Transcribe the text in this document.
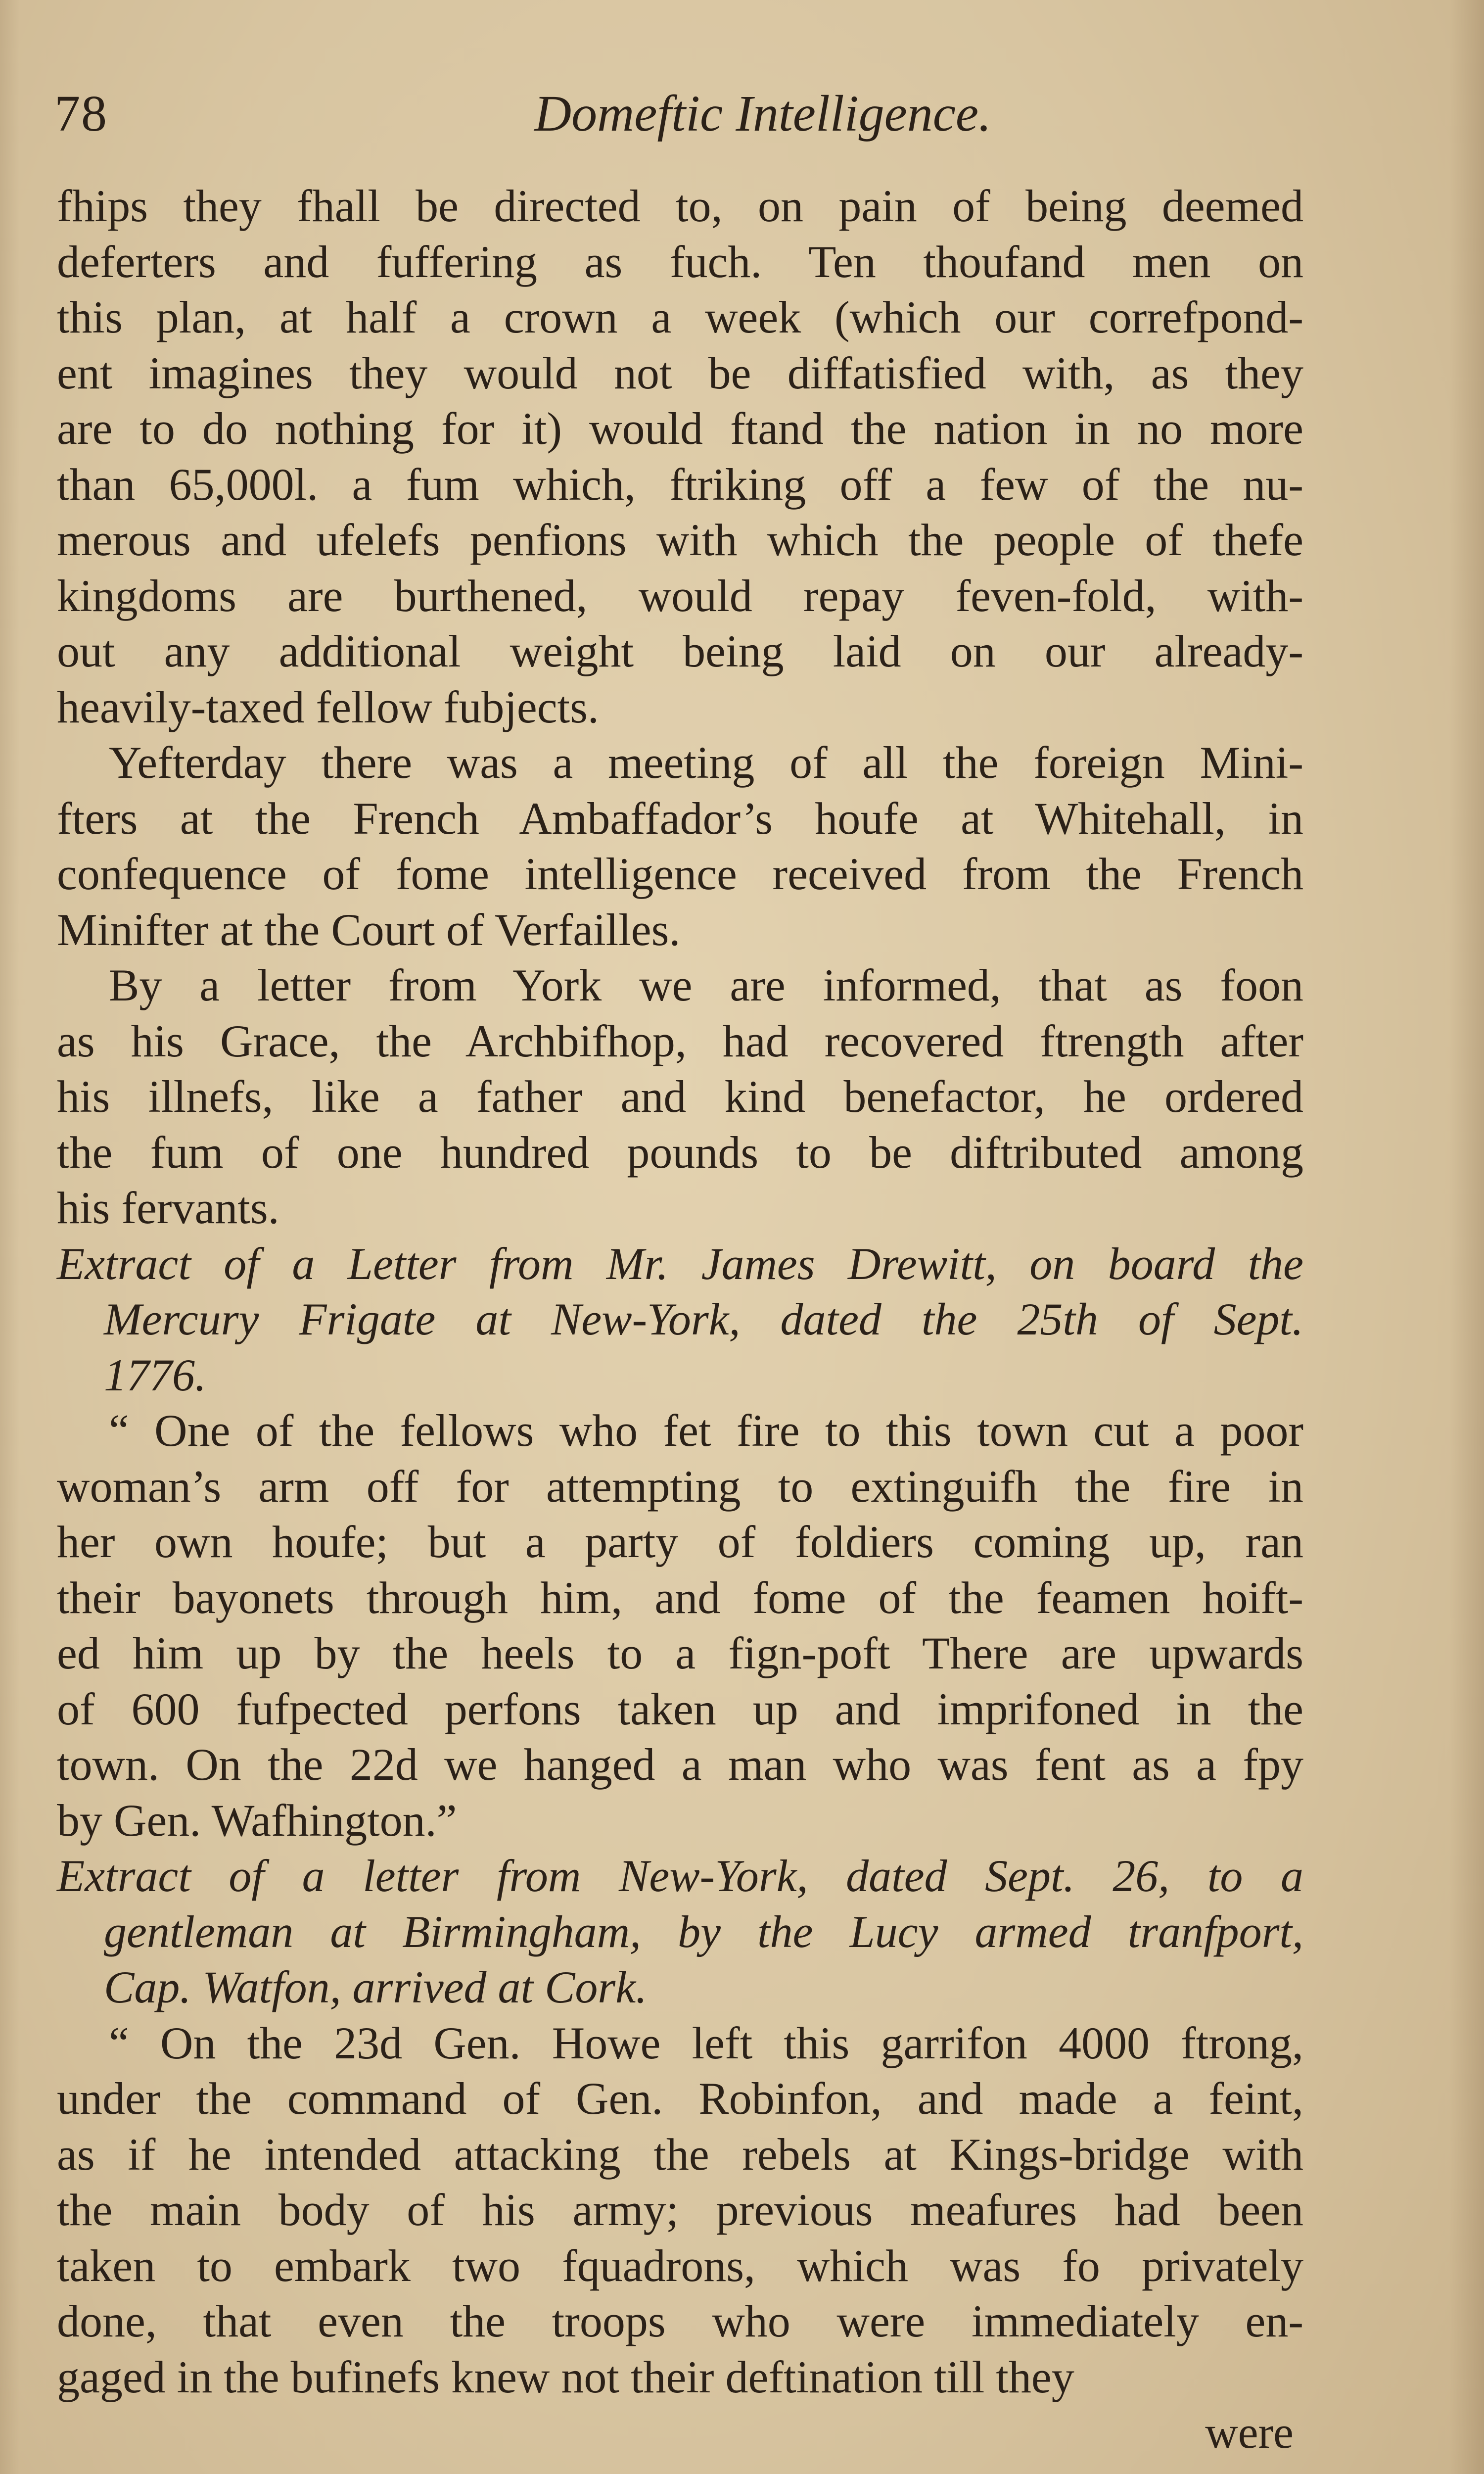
78	Domeftic Intelligence.
fhips they fhall be directed to, on pain of being deemed
deferters and fuffering as fuch. Ten thoufand men on
this plan, at half a crown a week (which our correfpond-
ent imagines they would not be diffatisfied with, as they
are to do nothing for it) would ftand the nation in no more
than 65,000l. a fum which, ftriking off a few of the nu-
merous and ufelefs penfions with which the people of thefe
kingdoms are burthened, would repay feven-fold, with-
out any additional weight being laid on our already-
heavily-taxed fellow fubjects.
Yefterday there was a meeting of all the foreign Mini-
fters at the French Ambaffador’s houfe at Whitehall, in
confequence of fome intelligence received from the French
Minifter at the Court of Verfailles.
By a letter from York we are informed, that as foon
as his Grace, the Archbifhop, had recovered ftrength after
his illnefs, like a father and kind benefactor, he ordered
the fum of one hundred pounds to be diftributed among
his fervants.
Extract of a Letter from Mr. James Drewitt, on board the
Mercury Frigate at New-York, dated the 25th of Sept.
1776.
“ One of the fellows who fet fire to this town cut a poor
woman’s arm off for attempting to extinguifh the fire in
her own houfe; but a party of foldiers coming up, ran
their bayonets through him, and fome of the feamen hoift-
ed him up by the heels to a fign-poft There are upwards
of 600 fufpected perfons taken up and imprifoned in the
town. On the 22d we hanged a man who was fent as a fpy
by Gen. Wafhington.”
Extract of a letter from New-York, dated Sept. 26, to a
gentleman at Birmingham, by the Lucy armed tranfport,
Cap. Watfon, arrived at Cork.
“ On the 23d Gen. Howe left this garrifon 4000 ftrong,
under the command of Gen. Robinfon, and made a feint,
as if he intended attacking the rebels at Kings-bridge with
the main body of his army; previous meafures had been
taken to embark two fquadrons, which was fo privately
done, that even the troops who were immediately en-
gaged in the bufinefs knew not their deftination till they
were
